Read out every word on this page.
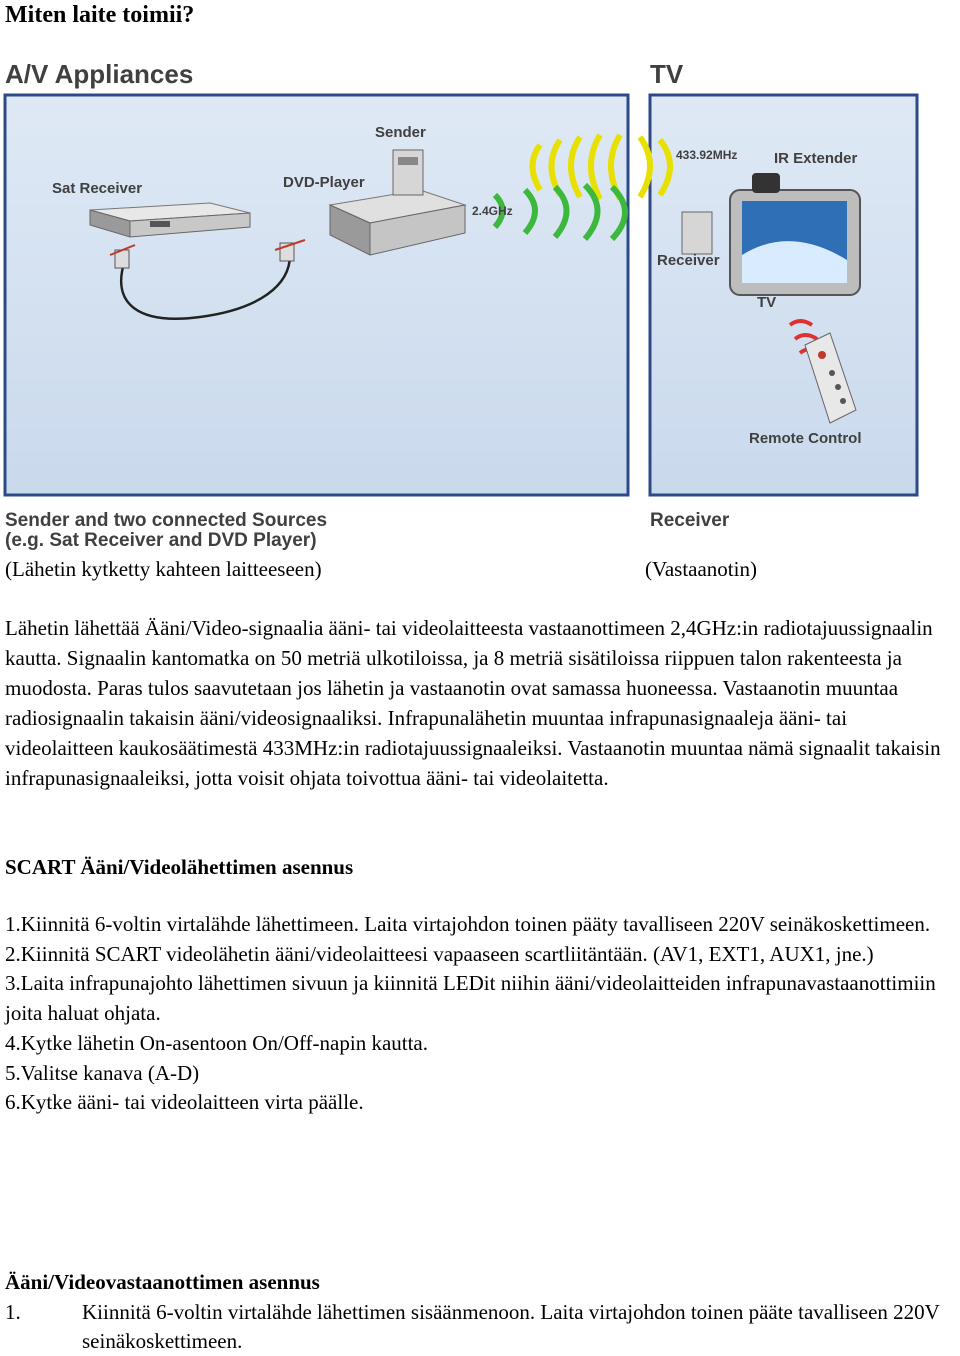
Miten laite toimii?
A/V Appliances	TV
Sat Receiver	DVD-Player
Sender
2.4GHz
433.92MHz IR Extender
Receiver
TV
Remote Control
Sender and two connected Sources
(e.g. Sat Receiver and DVD Player)
Receiver
(Lähetin kytketty kahteen laitteeseen)	(Vastaanotin)
Lähetin lähettää Ääni/Video-signaalia ääni- tai videolaitteesta vastaanottimeen 2,4GHz:in radiotajuussignaalin kautta. Signaalin kantomatka on 50 metriä ulkotiloissa, ja 8 metriä sisätiloissa riippuen talon rakenteesta ja muodosta. Paras tulos saavutetaan jos lähetin ja vastaanotin ovat samassa huoneessa. Vastaanotin muuntaa radiosignaalin takaisin ääni/videosignaaliksi. Infrapunalähetin muuntaa infrapunasignaaleja ääni- tai videolaitteen kaukosäätimestä 433MHz:in radiotajuussignaaleiksi. Vastaanotin muuntaa nämä signaalit takaisin infrapunasignaaleiksi, jotta voisit ohjata toivottua ääni- tai videolaitetta.
SCART Ääni/Videolähettimen asennus

1.Kiinnitä 6-voltin virtalähde lähettimeen. Laita virtajohdon toinen pääty tavalliseen 220V seinäkoskettimeen.

2.Kiinnitä SCART videolähetin ääni/videolaitteesi vapaaseen scartliitäntään. (AV1, EXT1, AUX1, jne.)

3.Laita infrapunajohto lähettimen sivuun ja kiinnitä LEDit niihin ääni/videolaitteiden infrapunavastaanottimiin joita haluat ohjata.

4.Kytke lähetin On-asentoon On/Off-napin kautta.

5.Valitse kanava (A-D)

6.Kytke ääni- tai videolaitteen virta päälle.

Ääni/Videovastaanottimen asennus
1.	Kiinnitä 6-voltin virtalähde lähettimen sisäänmenoon. Laita virtajohdon toinen pääte tavalliseen 220V seinäkoskettimeen.
